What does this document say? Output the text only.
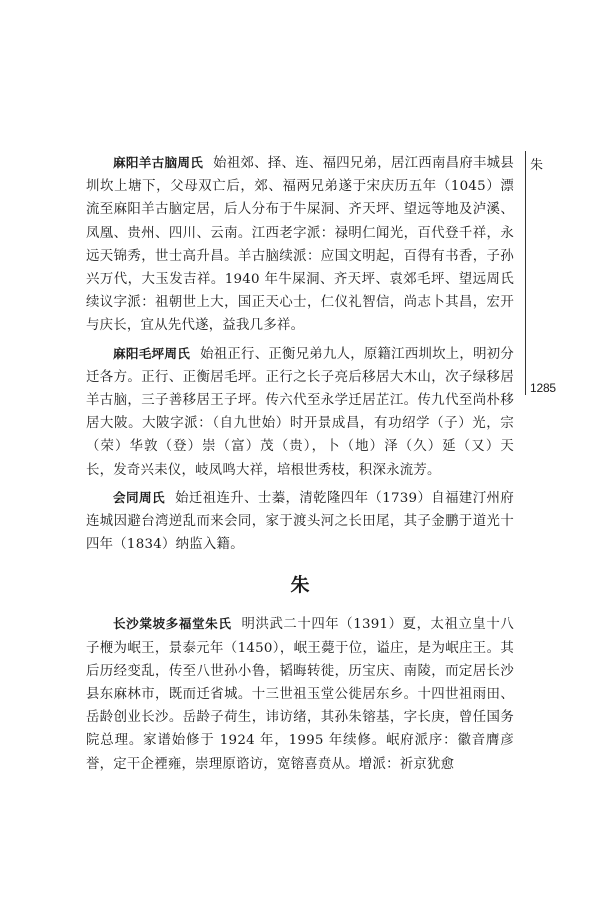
麻阳羊古脑周氏 始祖郊、择、连、福四兄弟，居江西南昌府丰城县圳坎上塘下，父母双亡后，郊、福两兄弟遂于宋庆历五年（1045）漂流至麻阳羊古脑定居，后人分布于牛屎洞、齐天坪、望远等地及泸溪、凤凰、贵州、四川、云南。江西老字派：禄明仁闻光，百代登千祥，永远天锦秀，世士高升昌。羊古脑续派：应国文明起，百得有书香，子孙兴万代，大玉发吉祥。1940 年牛屎洞、齐天坪、袁郊毛坪、望远周氏续议字派：祖朝世上大，国正天心士，仁仪礼智信，尚志卜其昌，宏开与庆长，宜从先代遂，益我几多祥。

麻阳毛坪周氏 始祖正行、正衡兄弟九人，原籍江西圳坎上，明初分迁各方。正行、正衡居毛坪。正行之长子亮后移居大木山，次子绿移居羊古脑，三子善移居王子坪。传六代至永学迁居芷江。传九代至尚朴移居大陂。大陂字派：（自九世始）时开景成昌，有功绍学（子）光，宗（荣）华敦（登）崇（富）茂（贵），卜（地）泽（久）延（又）天长，发奇兴耒仪，岐凤鸣大祥，培根世秀枝，积深永流芳。

会同周氏 始迁祖连升、士蓁，清乾隆四年（1739）自福建汀州府连城因避台湾逆乱而来会同，家于渡头河之长田尾，其子金鹏于道光十四年（1834）纳监入籍。

朱

长沙棠坡多福堂朱氏 明洪武二十四年（1391）夏，太祖立皇十八子楩为岷王，景泰元年（1450），岷王薨于位，谥庄，是为岷庄王。其后历经变乱，传至八世孙小鲁，韬晦转徙，历宝庆、南陵，而定居长沙县东麻林市，既而迁省城。十三世祖玉堂公徙居东乡。十四世祖雨田、岳龄创业长沙。岳龄子荷生，讳访绪，其孙朱镕基，字长庚，曾任国务院总理。家谱始修于 1924 年，1995 年续修。岷府派序：徽音膺彦誉，定干企禋雍，崇理原谘访，宽镕喜贲从。增派：祈京犹愈

朱
1285
